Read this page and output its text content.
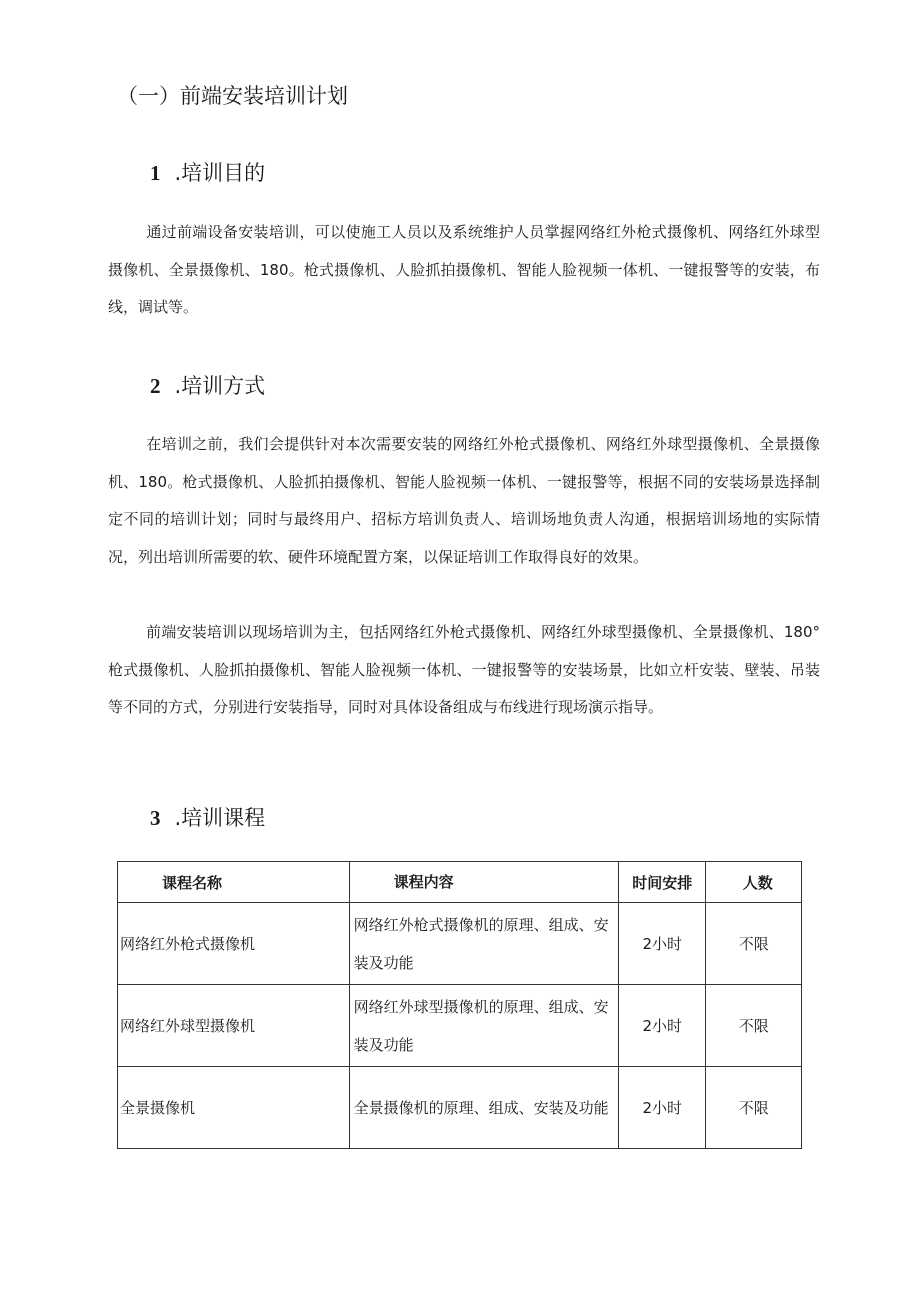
（一）前端安装培训计划
1 .培训目的
通过前端设备安装培训，可以使施工人员以及系统维护人员掌握网络红外枪式摄像机、网络红外球型摄像机、全景摄像机、180。枪式摄像机、人脸抓拍摄像机、智能人脸视频一体机、一键报警等的安装，布线，调试等。
2 .培训方式
在培训之前，我们会提供针对本次需要安装的网络红外枪式摄像机、网络红外球型摄像机、全景摄像机、180。枪式摄像机、人脸抓拍摄像机、智能人脸视频一体机、一键报警等，根据不同的安装场景选择制定不同的培训计划；同时与最终用户、招标方培训负责人、培训场地负责人沟通，根据培训场地的实际情况，列出培训所需要的软、硬件环境配置方案，以保证培训工作取得良好的效果。
前端安装培训以现场培训为主，包括网络红外枪式摄像机、网络红外球型摄像机、全景摄像机、180°枪式摄像机、人脸抓拍摄像机、智能人脸视频一体机、一键报警等的安装场景，比如立杆安装、壁装、吊装等不同的方式，分别进行安装指导，同时对具体设备组成与布线进行现场演示指导。
3 .培训课程
课程名称	课程内容	时间安排	人数
网络红外枪式摄像机	网络红外枪式摄像机的原理、组成、安装及功能	2小时	不限
网络红外球型摄像机	网络红外球型摄像机的原理、组成、安装及功能	2小时	不限
全景摄像机	全景摄像机的原理、组成、安装及功能	2小时	不限
